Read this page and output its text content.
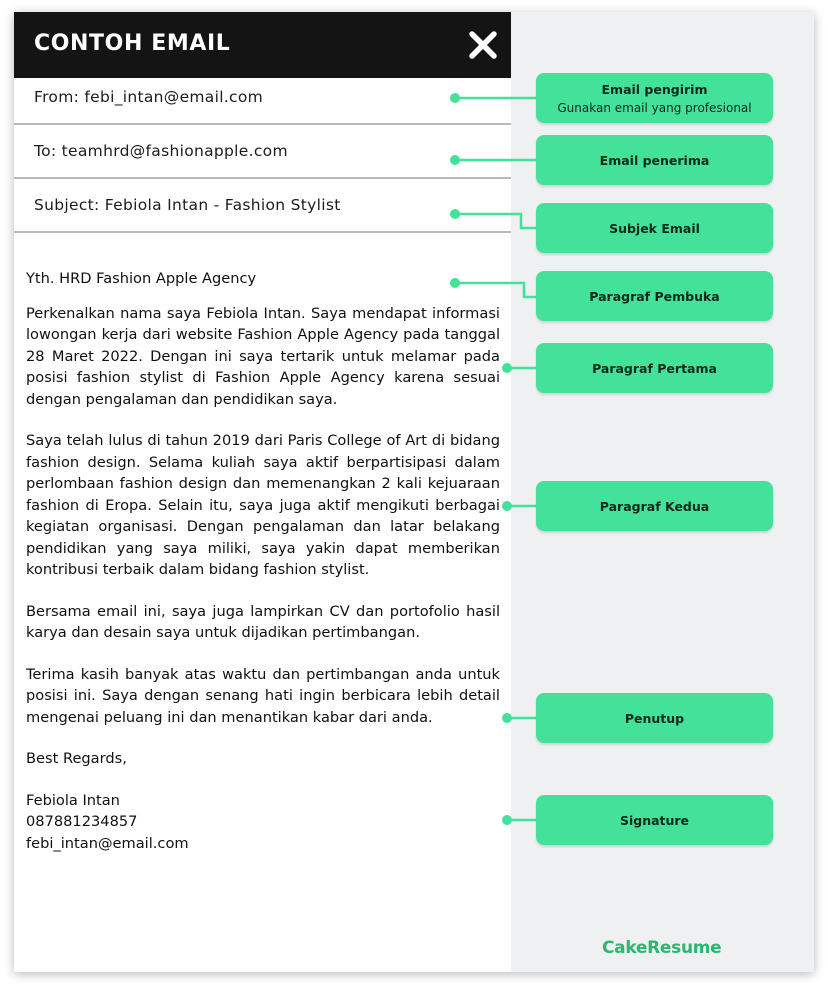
CONTOH EMAIL
From: febi_intan@email.com
To: teamhrd@fashionapple.com
Subject: Febiola Intan - Fashion Stylist

Yth. HRD Fashion Apple Agency

Perkenalkan nama saya Febiola Intan. Saya mendapat informasi lowongan kerja dari website Fashion Apple Agency pada tanggal 28 Maret 2022. Dengan ini saya tertarik untuk melamar pada posisi fashion stylist di Fashion Apple Agency karena sesuai dengan pengalaman dan pendidikan saya.

Saya telah lulus di tahun 2019 dari Paris College of Art di bidang fashion design. Selama kuliah saya aktif berpartisipasi dalam perlombaan fashion design dan memenangkan 2 kali kejuaraan fashion di Eropa. Selain itu, saya juga aktif mengikuti berbagai kegiatan organisasi. Dengan pengalaman dan latar belakang pendidikan yang saya miliki, saya yakin dapat memberikan kontribusi terbaik dalam bidang fashion stylist.

Bersama email ini, saya juga lampirkan CV dan portofolio hasil karya dan desain saya untuk dijadikan pertimbangan.

Terima kasih banyak atas waktu dan pertimbangan anda untuk posisi ini. Saya dengan senang hati ingin berbicara lebih detail mengenai peluang ini dan menantikan kabar dari anda.

Best Regards,

Febiola Intan

087881234857

febi_intan@email.com

Email pengirim
Gunakan email yang profesional
Email penerima
Subjek Email
Paragraf Pembuka
Paragraf Pertama
Paragraf Kedua
Penutup
Signature
CakeResume
